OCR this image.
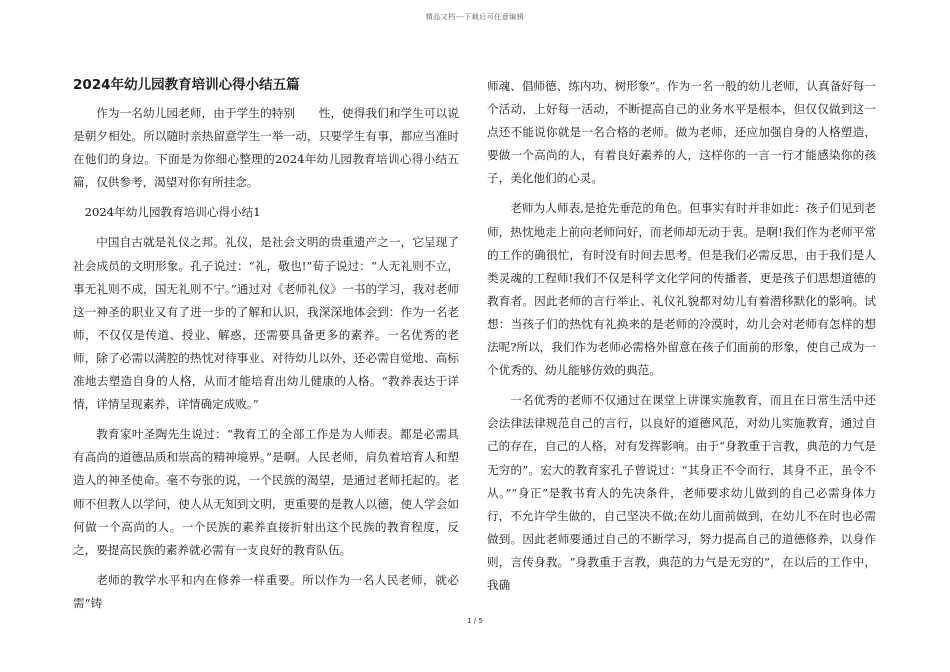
精品文档---下载后可任意编辑
2024年幼儿园教育培训心得小结五篇

作为一名幼儿园老师，由于学生的特别　　性，使得我们和学生可以说是朝夕相处。所以随时亲热留意学生一举一动，只要学生有事，都应当准时在他们的身边。下面是为你细心整理的2024年幼儿园教育培训心得小结五篇，仅供参考，渴望对你有所挂念。

2024年幼儿园教育培训心得小结1

中国自古就是礼仪之邦。礼仪，是社会文明的贵重遗产之一，它呈现了社会成员的文明形象。孔子说过：“礼，敬也!”荀子说过：“人无礼则不立，事无礼则不成，国无礼则不宁。”通过对《老师礼仪》一书的学习，我对老师这一神圣的职业又有了进一步的了解和认识，我深深地体会到：作为一名老师，不仅仅是传道、授业、解惑，还需要具备更多的素养。一名优秀的老师，除了必需以满腔的热忱对待事业、对待幼儿以外，还必需自觉地、高标准地去塑造自身的人格，从而才能培育出幼儿健康的人格。“教养表达于详情，详情呈现素养，详情确定成败。”

教育家叶圣陶先生说过：“教育工的全部工作是为人师表。都是必需具有高尚的道德品质和崇高的精神境界。”是啊。人民老师，肩负着培育人和塑造人的神圣使命。毫不夸张的说，一个民族的渴望，是通过老师托起的。老师不但教人以学问，使人从无知到文明，更重要的是教人以德，使人学会如何做一个高尚的人。一个民族的素养直接折射出这个民族的教育程度，反之，要提高民族的素养就必需有一支良好的教育队伍。

老师的教学水平和内在修养一样重要。所以作为一名人民老师，就必需“铸

师魂、倡师德、练内功、树形象”。作为一名一般的幼儿老师，认真备好每一个活动，上好每一活动，不断提高自己的业务水平是根本，但仅仅做到这一点还不能说你就是一名合格的老师。做为老师，还应加强自身的人格塑造，要做一个高尚的人，有着良好素养的人，这样你的一言一行才能感染你的孩子，美化他们的心灵。

老师为人师表,是抢先垂范的角色。但事实有时并非如此：孩子们见到老师，热忱地走上前向老师问好，而老师却无动于衷。是啊!我们作为老师平常的工作的确很忙，有时没有时间去思考。但是我们必需反思，由于我们是人类灵魂的工程师!我们不仅是科学文化学问的传播者，更是孩子们思想道德的教育者。因此老师的言行举止、礼仪礼貌都对幼儿有着潜移默化的影响。试想：当孩子们的热忱有礼换来的是老师的冷漠时，幼儿会对老师有怎样的想法呢?所以，我们作为老师必需格外留意在孩子们面前的形象，使自己成为一个优秀的、幼儿能够仿效的典范。

一名优秀的老师不仅通过在课堂上讲课实施教育，而且在日常生活中还会法律法律规范自己的言行，以良好的道德风范，对幼儿实施教育，通过自己的存在，自己的人格，对有发挥影响。由于“身教重于言教，典范的力气是无穷的”。宏大的教育家孔子曾说过：“其身正不令而行，其身不正，虽令不从。”“身正”是教书育人的先决条件，老师要求幼儿做到的自己必需身体力行，不允许学生做的，自己坚决不做;在幼儿面前做到，在幼儿不在时也必需做到。因此老师要通过自己的不断学习，努力提高自己的道德修养，以身作则，言传身教。“身教重于言教，典范的力气是无穷的”，在以后的工作中，我确

1 / 5
